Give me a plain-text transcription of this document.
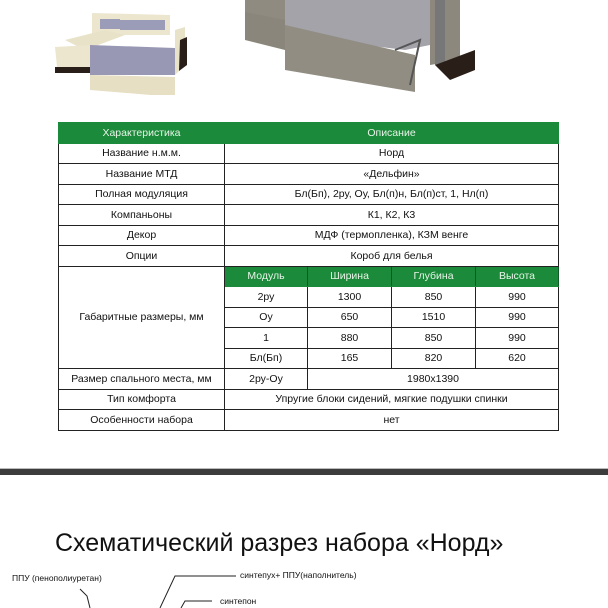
Характеристика	Описание			
Название н.м.м.	Норд			
Название МТД	«Дельфин»			
Полная модуляция	Бл(Бп), 2ру, Оу, Бл(п)н, Бл(п)ст, 1, Нл(п)			
Компаньоны	К1, К2, К3			
Декор	МДФ (термопленка), КЗМ венге			
Опции	Короб для белья			
Габаритные размеры, мм	Модуль	Ширина	Глубина	Высота
	2ру	1300	850	990
	Оу	650	1510	990
	1	880	850	990
	Бл(Бп)	165	820	620
Размер спального места, мм	2ру-Оу	1980х1390		
Тип комфорта	Упругие блоки сидений, мягкие подушки спинки			
Особенности набора	нет			
Схематический разрез набора «Норд»
ППУ (пенополиуретан)	синтепух+ ППУ(наполнитель)
синтепон
